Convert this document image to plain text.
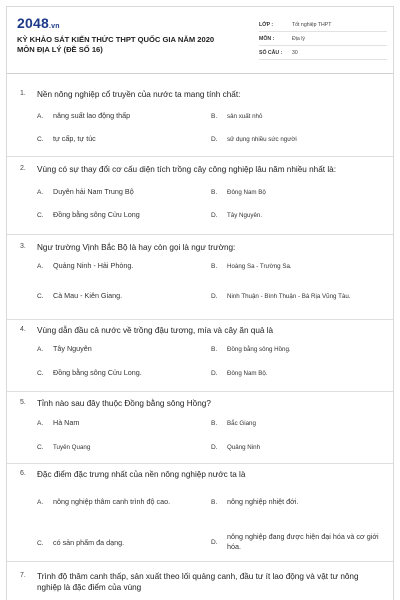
2048.vn
KỲ KHẢO SÁT KIẾN THỨC THPT QUỐC GIA NĂM 2020
MÔN ĐỊA LÝ (ĐỀ SỐ 16)
LỚP :	Tốt nghiệp THPT
MÔN :	Địa lý
SỐ CÂU :	30
1. Nền nông nghiệp cổ truyền của nước ta mang tính chất:
A.	năng suất lao động thấp	B.	sản xuất nhỏ
C.	tự cấp, tự túc	D.	sử dụng nhiều sức người
2. Vùng có sự thay đổi cơ cấu diện tích trồng cây công nghiệp lâu năm nhiều nhất là:
A.	Duyên hải Nam Trung Bộ	B.	Đông Nam Bộ
C.	Đồng bằng sông Cửu Long	D.	Tây Nguyên.
3. Ngư trường Vịnh Bắc Bộ là hay còn gọi là ngư trường:
A.	Quảng Ninh - Hải Phòng.	B.	Hoàng Sa - Trường Sa.
C.	Cà Mau - Kiên Giang.	D.	Ninh Thuận - Bình Thuận - Bà Rịa Vũng Tàu.
4. Vùng dẫn đầu cả nước về trồng đậu tương, mía và cây ăn quả là
A.	Tây Nguyên	B.	Đồng bằng sông Hồng.
C.	Đồng bằng sông Cửu Long.	D.	Đông Nam Bộ.
5. Tỉnh nào sau đây thuộc Đồng bằng sông Hồng?
A.	Hà Nam	B.	Bắc Giang
C.	Tuyên Quang	D.	Quảng Ninh
6. Đặc điểm đặc trưng nhất của nền nông nghiệp nước ta là
A.	nông nghiệp thâm canh trình độ cao.	B.	nông nghiệp nhiệt đới.
C.	có sản phẩm đa dạng.	D.
nông nghiệp đang được hiện đại hóa và cơ giới hóa.
7. Trình độ thâm canh thấp, sản xuất theo lối quảng canh, đầu tư ít lao động và vật tư nông nghiệp là đặc điểm của vùng
